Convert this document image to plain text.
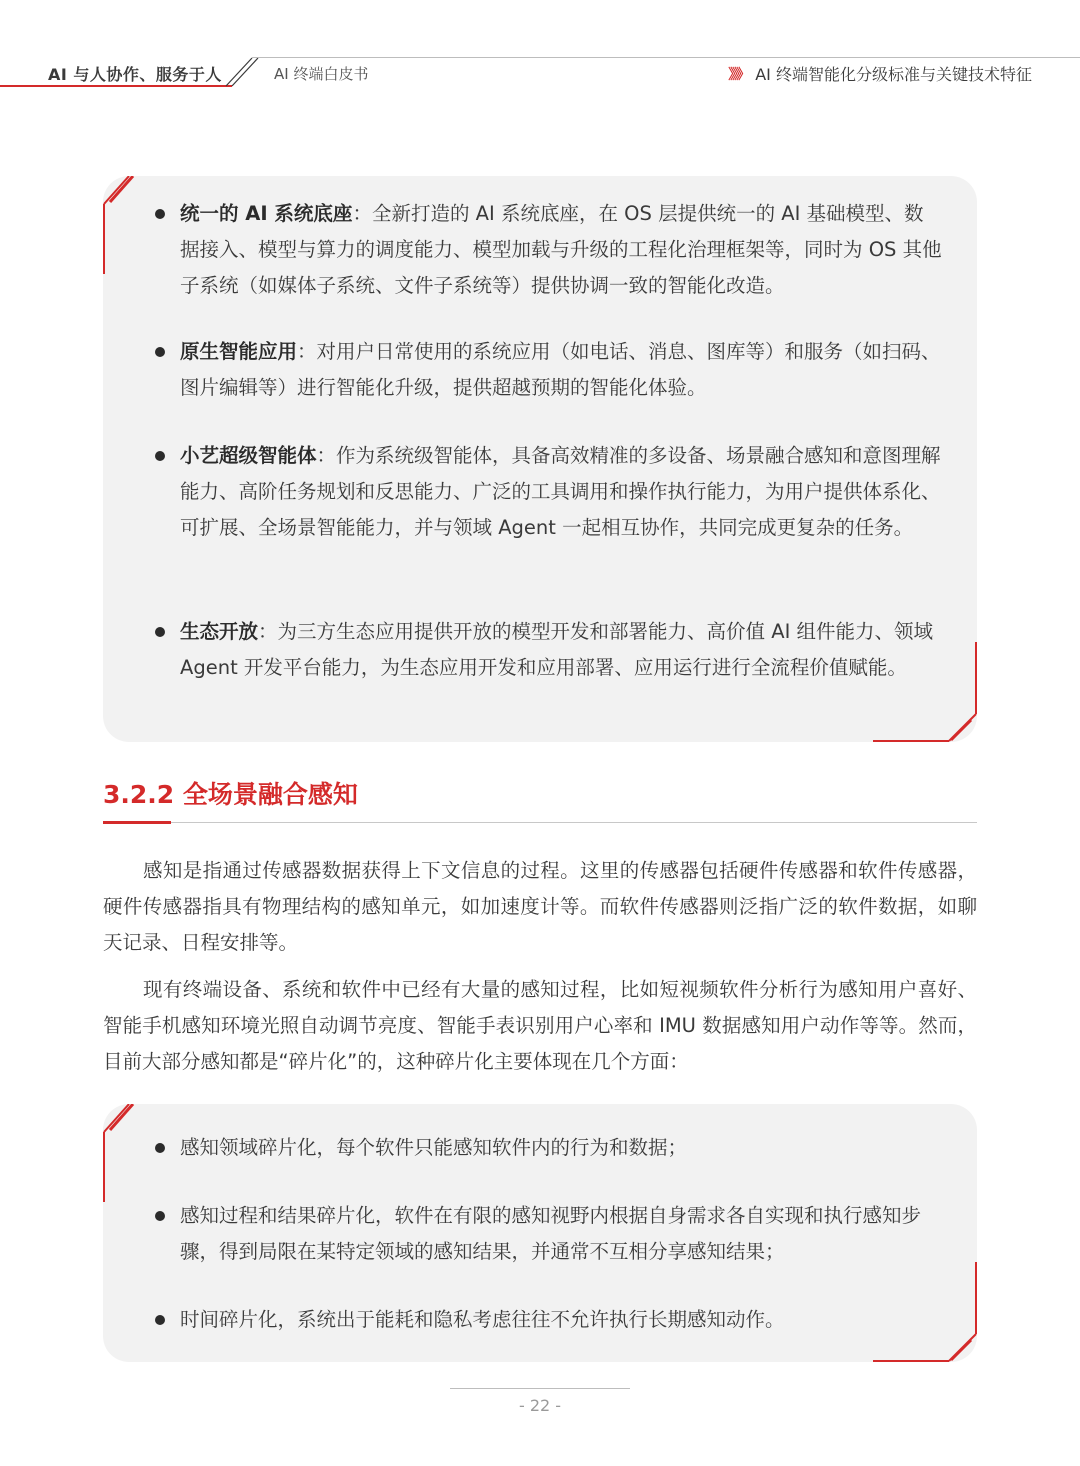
AI 与人协作、服务于人	AI 终端白皮书	》》》 AI 终端智能化分级标准与关键技术特征
统一的 AI 系统底座：全新打造的 AI 系统底座，在 OS 层提供统一的 AI 基础模型、数据接入、模型与算力的调度能力、模型加载与升级的工程化治理框架等，同时为 OS 其他子系统（如媒体子系统、文件子系统等）提供协调一致的智能化改造。
原生智能应用：对用户日常使用的系统应用（如电话、消息、图库等）和服务（如扫码、图片编辑等）进行智能化升级，提供超越预期的智能化体验。
小艺超级智能体：作为系统级智能体，具备高效精准的多设备、场景融合感知和意图理解能力、高阶任务规划和反思能力、广泛的工具调用和操作执行能力，为用户提供体系化、可扩展、全场景智能能力，并与领域 Agent 一起相互协作，共同完成更复杂的任务。
生态开放：为三方生态应用提供开放的模型开发和部署能力、高价值 AI 组件能力、领域 Agent 开发平台能力，为生态应用开发和应用部署、应用运行进行全流程价值赋能。
3.2.2 全场景融合感知

感知是指通过传感器数据获得上下文信息的过程。这里的传感器包括硬件传感器和软件传感器，硬件传感器指具有物理结构的感知单元，如加速度计等。而软件传感器则泛指广泛的软件数据，如聊天记录、日程安排等。

现有终端设备、系统和软件中已经有大量的感知过程，比如短视频软件分析行为感知用户喜好、智能手机感知环境光照自动调节亮度、智能手表识别用户心率和 IMU 数据感知用户动作等等。然而，目前大部分感知都是“碎片化”的，这种碎片化主要体现在几个方面：

感知领域碎片化，每个软件只能感知软件内的行为和数据；
感知过程和结果碎片化，软件在有限的感知视野内根据自身需求各自实现和执行感知步骤，得到局限在某特定领域的感知结果，并通常不互相分享感知结果；
时间碎片化，系统出于能耗和隐私考虑往往不允许执行长期感知动作。
- 22 -
